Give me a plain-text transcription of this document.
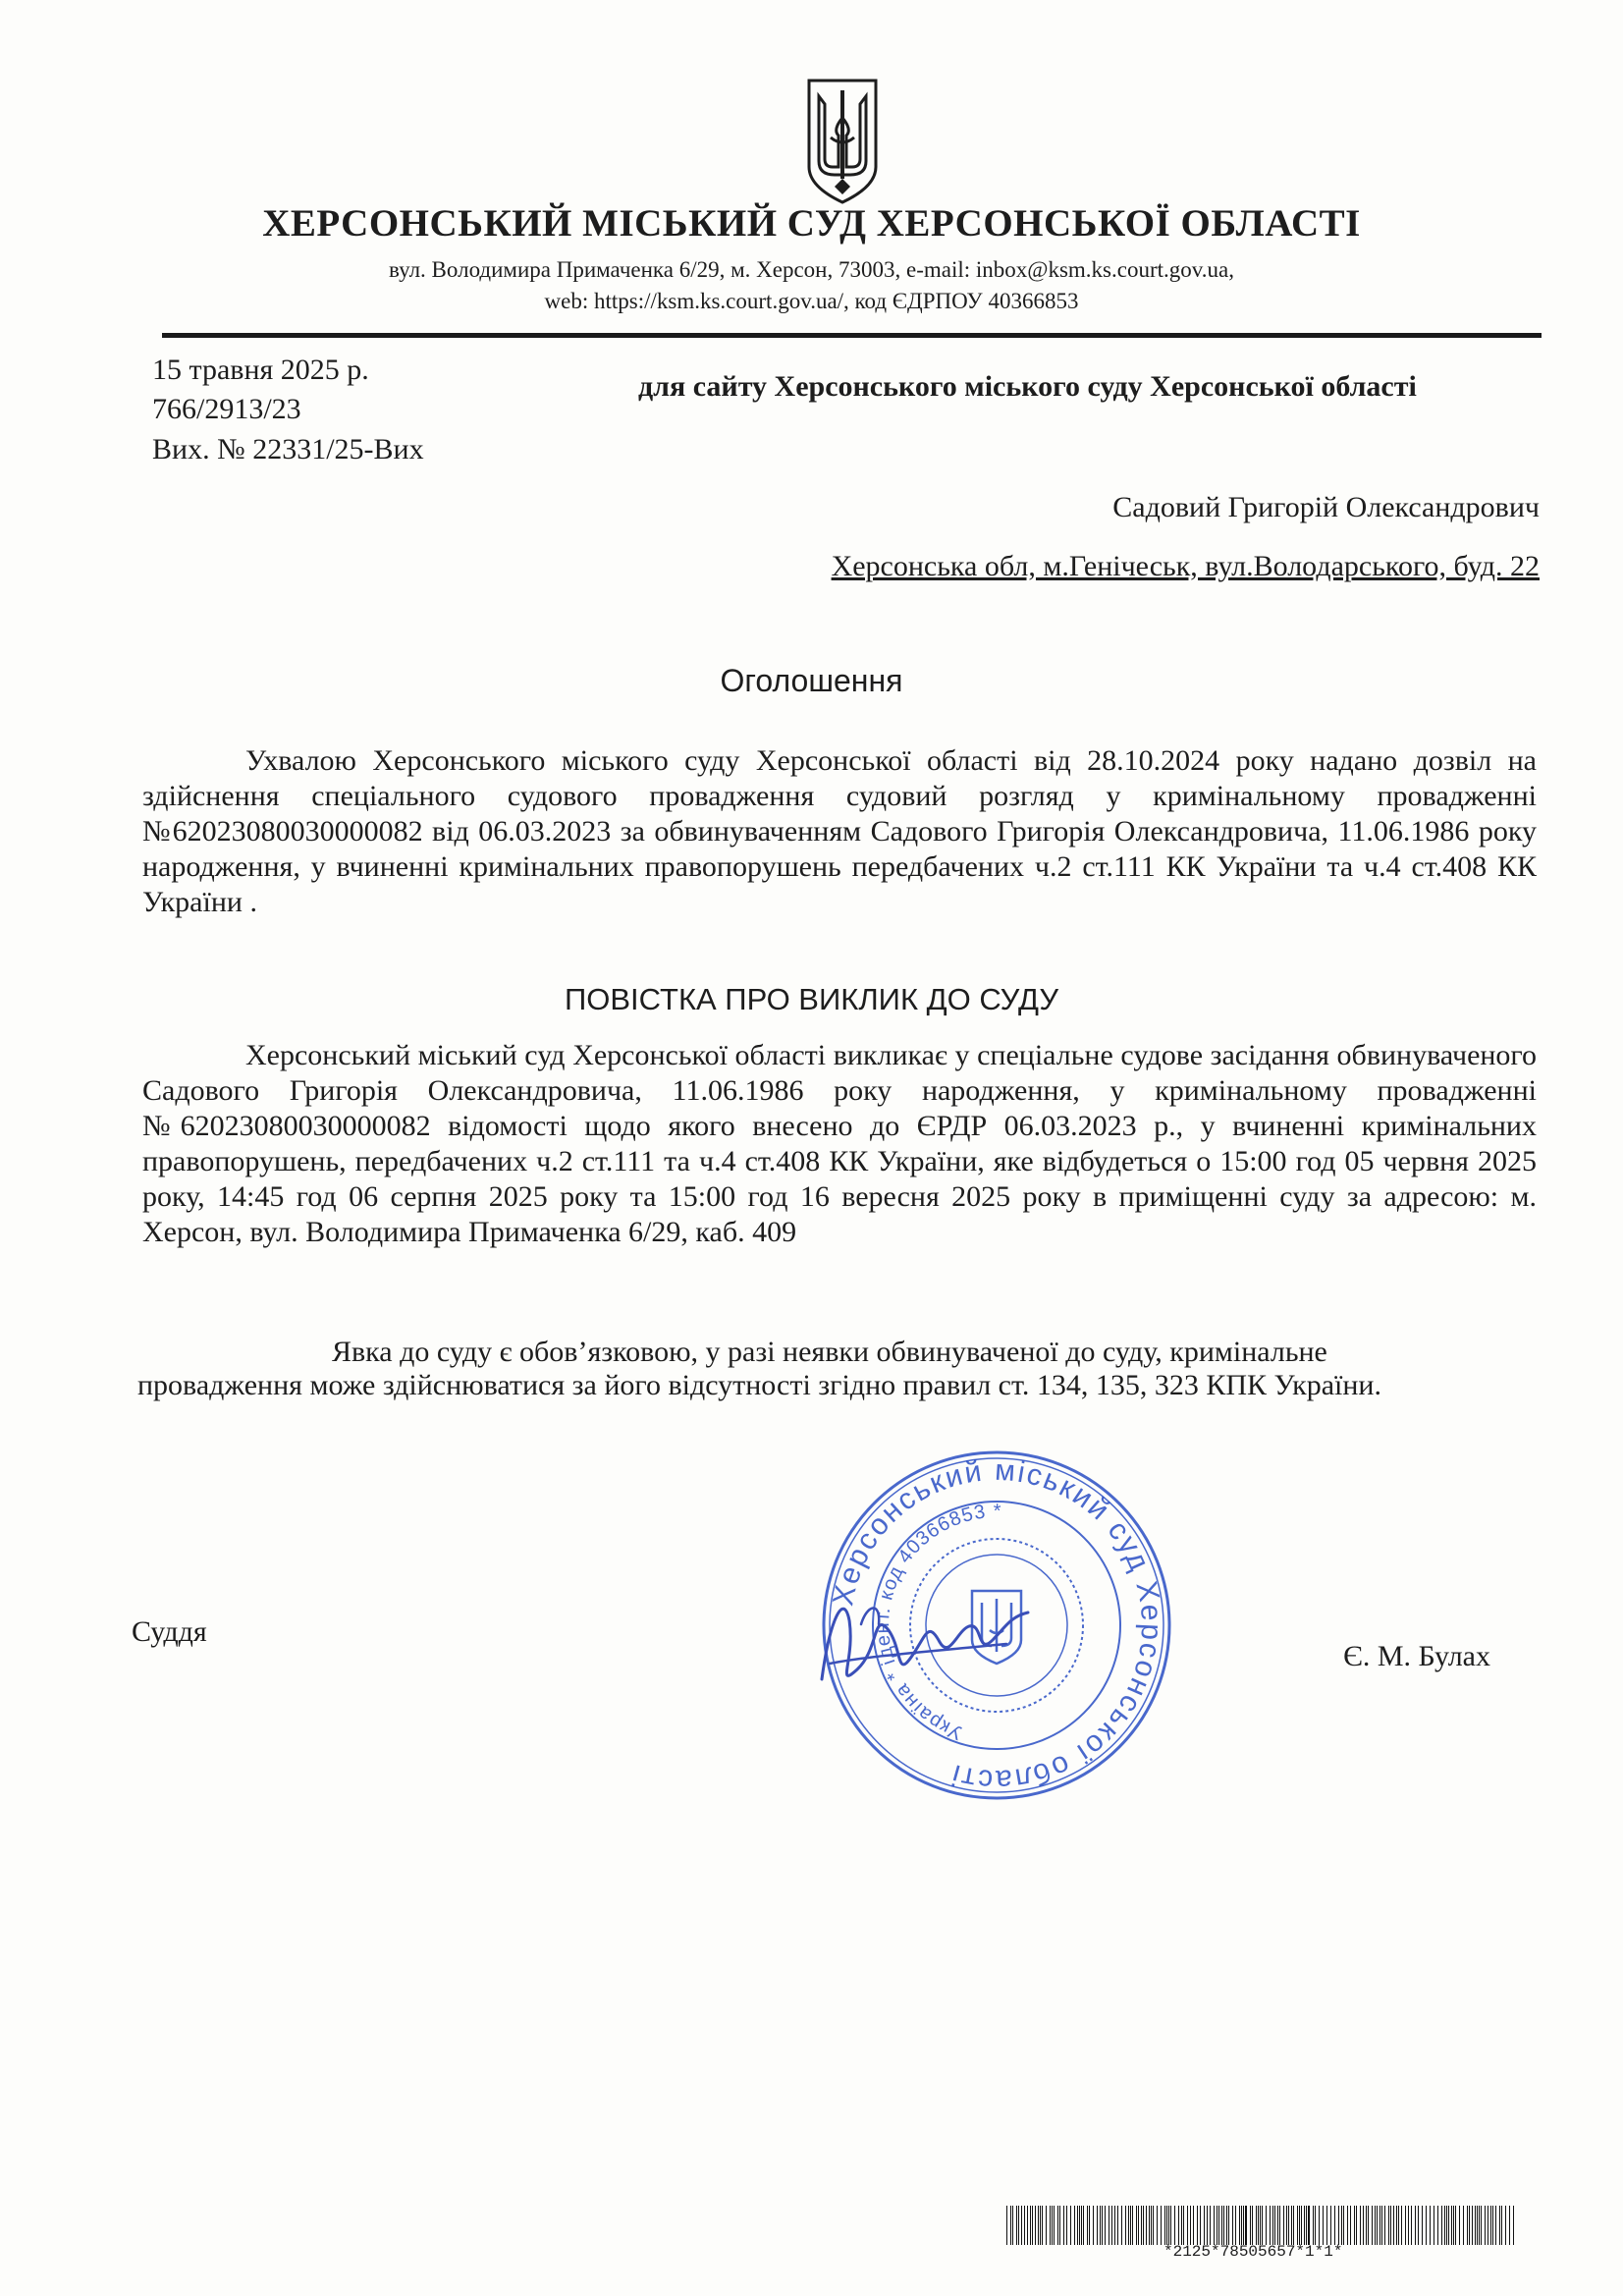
ХЕРСОНСЬКИЙ МІСЬКИЙ СУД ХЕРСОНСЬКОЇ ОБЛАСТІ
вул. Володимира Примаченка 6/29, м. Херсон, 73003, e-mail: inbox@ksm.ks.court.gov.ua,
web: https://ksm.ks.court.gov.ua/, код ЄДРПОУ 40366853
15 травня 2025 р.
766/2913/23
Вих. № 22331/25-Вих
для сайту Херсонського міського суду Херсонської області
Садовий Григорій Олександрович
Херсонська обл, м.Генічеськ, вул.Володарського, буд. 22
Оголошення
Ухвалою Херсонського міського суду Херсонської області від 28.10.2024 року надано дозвіл на здійснення спеціального судового провадження судовий розгляд у кримінальному провадженні №62023080030000082 від 06.03.2023 за обвинуваченням Садового Григорія Олександровича, 11.06.1986 року народження, у вчиненні кримінальних правопорушень передбачених ч.2 ст.111 КК України та ч.4 ст.408 КК України .
ПОВІСТКА ПРО ВИКЛИК ДО СУДУ
Херсонський міський суд Херсонської області викликає у спеціальне судове засідання обвинуваченого Садового Григорія Олександровича, 11.06.1986 року народження, у кримінальному провадженні №62023080030000082 відомості щодо якого внесено до ЄРДР 06.03.2023 р., у вчиненні кримінальних правопорушень, передбачених ч.2 ст.111 та ч.4 ст.408 КК України, яке відбудеться о 15:00 год 05 червня 2025 року, 14:45 год 06 серпня 2025 року та 15:00 год 16 вересня 2025 року в приміщенні суду за адресою: м. Херсон, вул. Володимира Примаченка 6/29, каб. 409
Явка до суду є обов’язковою, у разі неявки обвинуваченої до суду, кримінальне провадження може здійснюватися за його відсутності згідно правил ст. 134, 135, 323 КПК України.
Суддя
Є. М. Булах
Херсонський міський суд Херсонської області
Україна * ідент. код 40366853 *
*2125*78505657*1*1*
